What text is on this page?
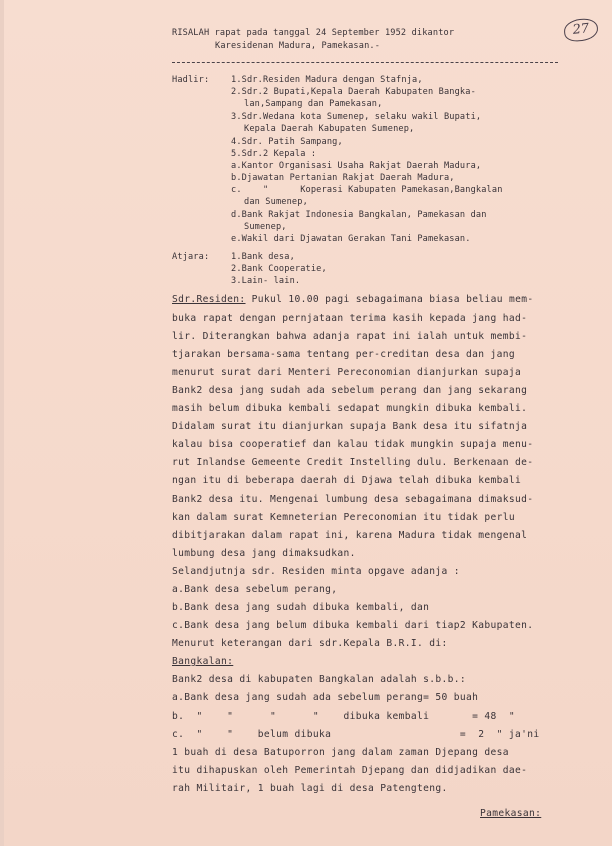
27
RISALAH rapat pada tanggal 24 September 1952 dikantor
Karesidenan Madura, Pamekasan.-
Hadlir:	1.Sdr.Residen Madura dengan Stafnja,
2.Sdr.2 Bupati,Kepala Daerah Kabupaten Bangka-
lan,Sampang dan Pamekasan,
3.Sdr.Wedana kota Sumenep, selaku wakil Bupati,
Kepala Daerah Kabupaten Sumenep,
4.Sdr. Patih Sampang,
5.Sdr.2 Kepala :
a.Kantor Organisasi Usaha Rakjat Daerah Madura,
b.Djawatan Pertanian Rakjat Daerah Madura,
c.    "      Koperasi Kabupaten Pamekasan,Bangkalan
dan Sumenep,
d.Bank Rakjat Indonesia Bangkalan, Pamekasan dan
Sumenep,
e.Wakil dari Djawatan Gerakan Tani Pamekasan.
Atjara:	1.Bank desa,
2.Bank Cooperatie,
3.Lain- lain.
Sdr.Residen: Pukul 10.00 pagi sebagaimana biasa beliau mem-
buka rapat dengan pernjataan terima kasih kepada jang had-
lir. Diterangkan bahwa adanja rapat ini ialah untuk membi-
tjarakan bersama-sama tentang per-creditan desa dan jang
menurut surat dari Menteri Pereconomian dianjurkan supaja
Bank2 desa jang sudah ada sebelum perang dan jang sekarang
masih belum dibuka kembali sedapat mungkin dibuka kembali.
Didalam surat itu dianjurkan supaja Bank desa itu sifatnja
kalau bisa cooperatief dan kalau tidak mungkin supaja menu-
rut Inlandse Gemeente Credit Instelling dulu. Berkenaan de-
ngan itu di beberapa daerah di Djawa telah dibuka kembali
Bank2 desa itu. Mengenai lumbung desa sebagaimana dimaksud-
kan dalam surat Kemneterian Pereconomian itu tidak perlu
dibitjarakan dalam rapat ini, karena Madura tidak mengenal
lumbung desa jang dimaksudkan.
Selandjutnja sdr. Residen minta opgave adanja :
a.Bank desa sebelum perang,
b.Bank desa jang sudah dibuka kembali, dan
c.Bank desa jang belum dibuka kembali dari tiap2 Kabupaten.
Menurut keterangan dari sdr.Kepala B.R.I. di:
Bangkalan:
Bank2 desa di kabupaten Bangkalan adalah s.b.b.:
a.Bank desa jang sudah ada sebelum perang= 50 buah
b.  "    "      "      "    dibuka kembali       = 48  "
c.  "    "    belum dibuka                     =  2  " ja'ni
1 buah di desa Batuporron jang dalam zaman Djepang desa
itu dihapuskan oleh Pemerintah Djepang dan didjadikan dae-
rah Militair, 1 buah lagi di desa Patengteng.
Pamekasan:
